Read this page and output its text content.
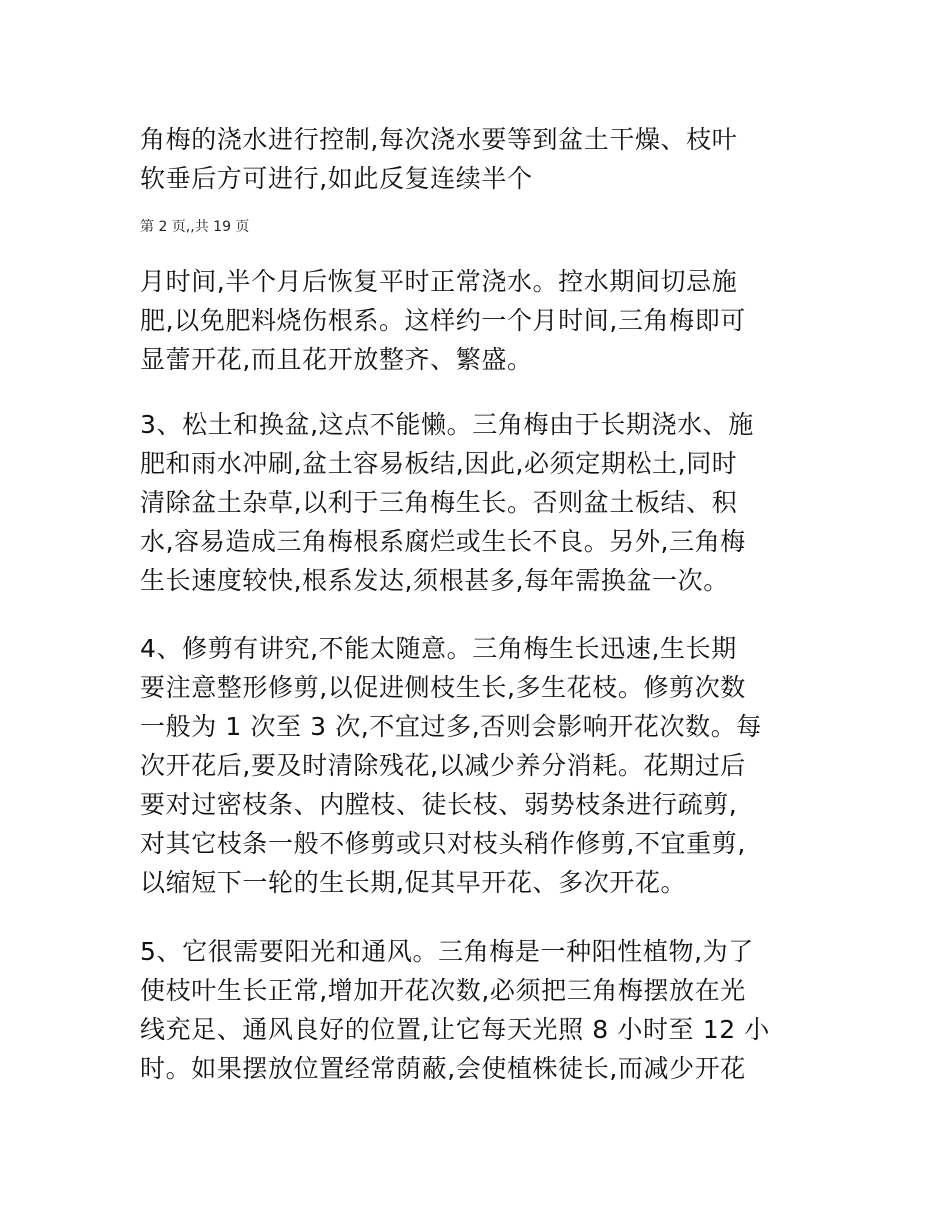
角梅的浇水进行控制,每次浇水要等到盆土干燥、枝叶
软垂后方可进行,如此反复连续半个

第 2 页,,共 19 页

月时间,半个月后恢复平时正常浇水。控水期间切忌施
肥,以免肥料烧伤根系。这样约一个月时间,三角梅即可
显蕾开花,而且花开放整齐、繁盛。

3、松土和换盆,这点不能懒。三角梅由于长期浇水、施
肥和雨水冲刷,盆土容易板结,因此,必须定期松土,同时
清除盆土杂草,以利于三角梅生长。否则盆土板结、积
水,容易造成三角梅根系腐烂或生长不良。另外,三角梅
生长速度较快,根系发达,须根甚多,每年需换盆一次。

4、修剪有讲究,不能太随意。三角梅生长迅速,生长期
要注意整形修剪,以促进侧枝生长,多生花枝。修剪次数
一般为 1 次至 3 次,不宜过多,否则会影响开花次数。每
次开花后,要及时清除残花,以减少养分消耗。花期过后
要对过密枝条、内膛枝、徒长枝、弱势枝条进行疏剪,
对其它枝条一般不修剪或只对枝头稍作修剪,不宜重剪,
以缩短下一轮的生长期,促其早开花、多次开花。

5、它很需要阳光和通风。三角梅是一种阳性植物,为了
使枝叶生长正常,增加开花次数,必须把三角梅摆放在光
线充足、通风良好的位置,让它每天光照 8 小时至 12 小
时。如果摆放位置经常荫蔽,会使植株徒长,而减少开花
